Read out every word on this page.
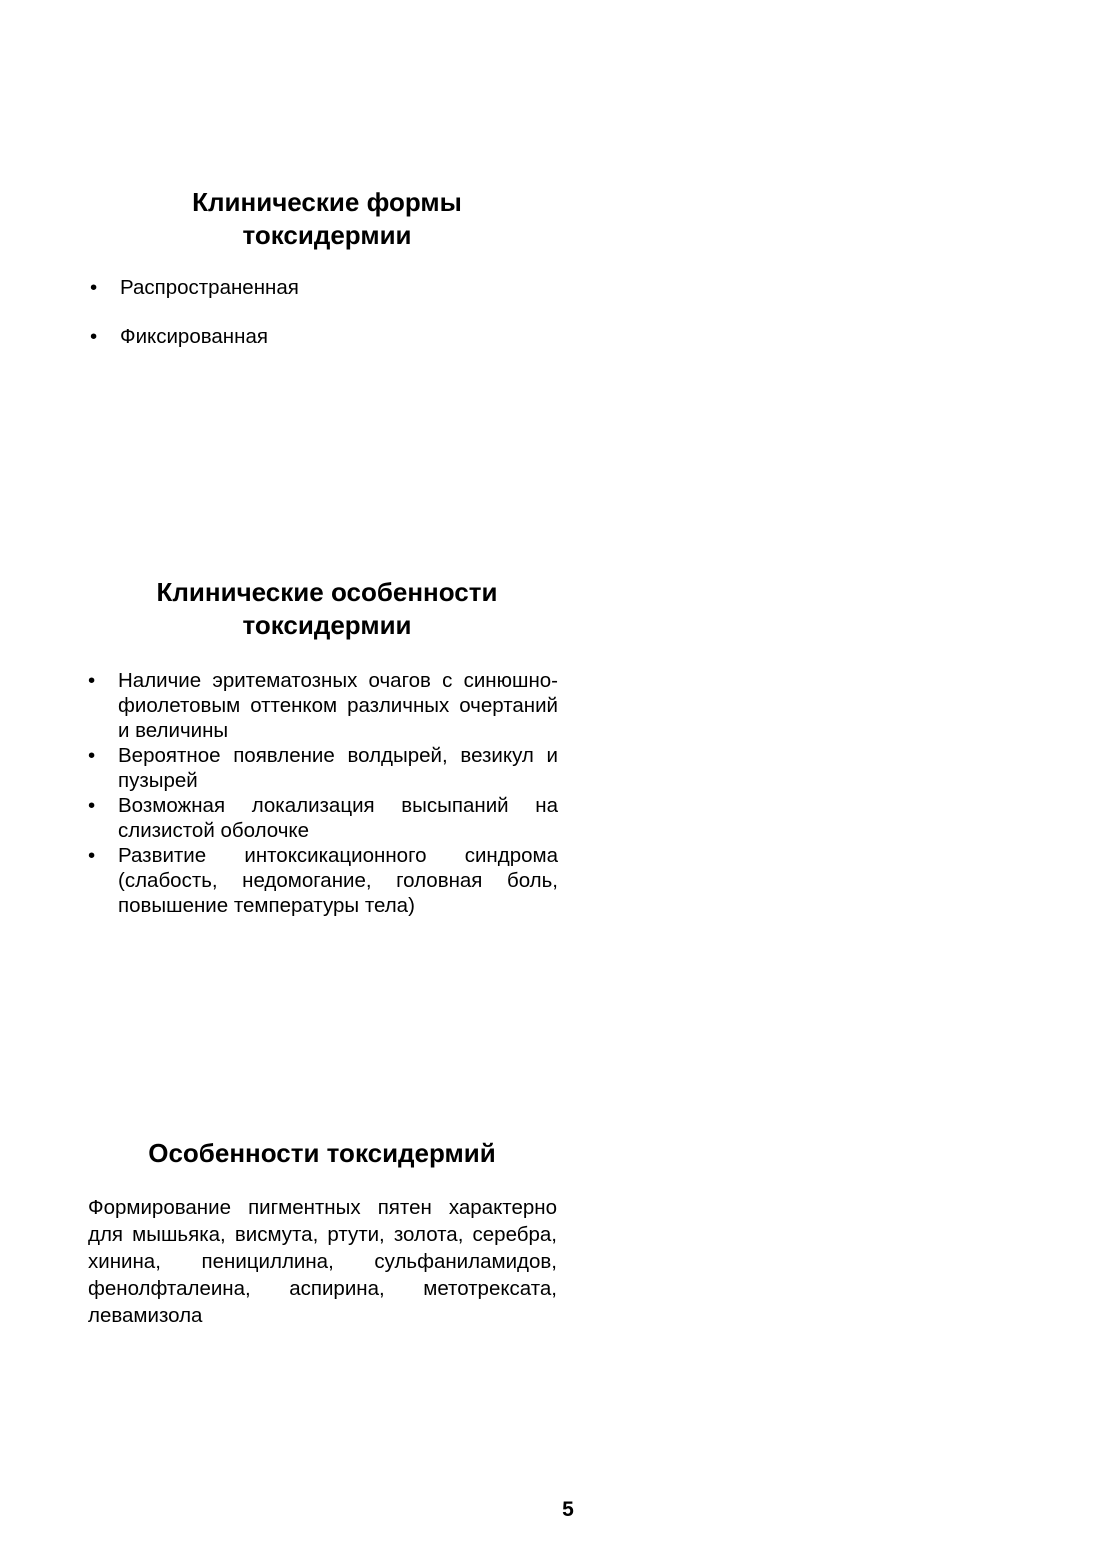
Клинические формы
токсидермии
•	Распространенная
•	Фиксированная
Клинические особенности
токсидермии
•	Наличие эритематозных очагов с синюшно-фиолетовым оттенком различных очертаний и величины
•	Вероятное появление волдырей, везикул и пузырей
•	Возможная локализация высыпаний на слизистой оболочке
•	Развитие интоксикационного синдрома (слабость, недомогание, головная боль, повышение температуры тела)
Особенности токсидермий

Формирование пигментных пятен характерно для мышьяка, висмута, ртути, золота, серебра, хинина, пенициллина, сульфаниламидов, фенолфталеина, аспирина, метотрексата, левамизола

5
